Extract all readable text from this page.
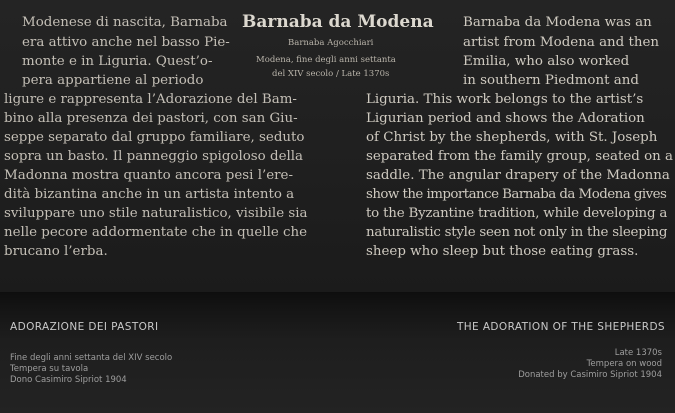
Barnaba da Modena
Barnaba Agocchiari
Modena, fine degli anni settanta
del XIV secolo / Late 1370s
Modenese di nascita, Barnaba
era attivo anche nel basso Pie-
monte e in Liguria. Quest’o-
pera appartiene al periodo
ligure e rappresenta l’Adorazione del Bam-
bino alla presenza dei pastori, con san Giu-
seppe separato dal gruppo familiare, seduto
sopra un basto. Il panneggio spigoloso della
Madonna mostra quanto ancora pesi l’ere-
dità bizantina anche in un artista intento a
sviluppare uno stile naturalistico, visibile sia
nelle pecore addormentate che in quelle che
brucano l’erba.
Barnaba da Modena was an
artist from Modena and then
Emilia, who also worked
in southern Piedmont and
Liguria. This work belongs to the artist’s
Ligurian period and shows the Adoration
of Christ by the shepherds, with St. Joseph
separated from the family group, seated on a
saddle. The angular drapery of the Madonna
show the importance Barnaba da Modena gives
to the Byzantine tradition, while developing a
naturalistic style seen not only in the sleeping
sheep who sleep but those eating grass.
ADORAZIONE DEI PASTORI
Fine degli anni settanta del XIV secolo
Tempera su tavola
Dono Casimiro Sipriot 1904
THE ADORATION OF THE SHEPHERDS
Late 1370s
Tempera on wood
Donated by Casimiro Sipriot 1904
